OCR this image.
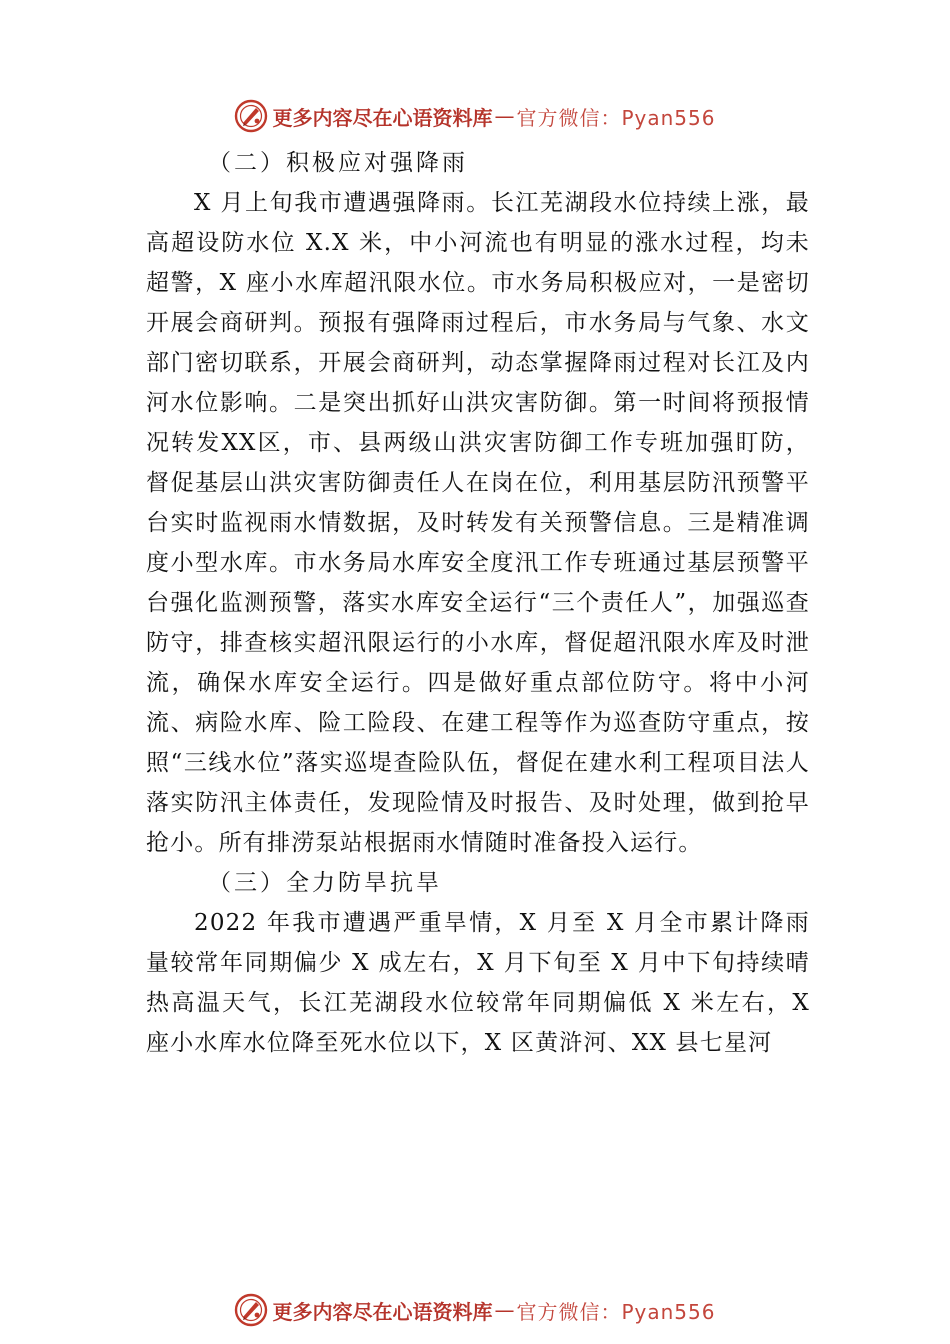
更多内容尽在心语资料库 — 官方微信：Pyan556
（二）积极应对强降雨

X 月上旬我市遭遇强降雨。长江芜湖段水位持续上涨，最高超设防水位 X.X 米，中小河流也有明显的涨水过程，均未超警，X 座小水库超汛限水位。市水务局积极应对，一是密切开展会商研判。预报有强降雨过程后，市水务局与气象、水文部门密切联系，开展会商研判，动态掌握降雨过程对长江及内河水位影响。二是突出抓好山洪灾害防御。第一时间将预报情况转发XX区，市、县两级山洪灾害防御工作专班加强盯防，督促基层山洪灾害防御责任人在岗在位，利用基层防汛预警平台实时监视雨水情数据，及时转发有关预警信息。三是精准调度小型水库。市水务局水库安全度汛工作专班通过基层预警平台强化监测预警，落实水库安全运行“三个责任人”，加强巡查防守，排查核实超汛限运行的小水库，督促超汛限水库及时泄流，确保水库安全运行。四是做好重点部位防守。将中小河流、病险水库、险工险段、在建工程等作为巡查防守重点，按照“三线水位”落实巡堤查险队伍，督促在建水利工程项目法人落实防汛主体责任，发现险情及时报告、及时处理，做到抢早抢小。所有排涝泵站根据雨水情随时准备投入运行。

（三）全力防旱抗旱

2022 年我市遭遇严重旱情，X 月至 X 月全市累计降雨量较常年同期偏少 X 成左右，X 月下旬至 X 月中下旬持续晴热高温天气，长江芜湖段水位较常年同期偏低 X 米左右，X 座小水库水位降至死水位以下，X 区黄浒河、XX 县七星河

更多内容尽在心语资料库 — 官方微信：Pyan556
